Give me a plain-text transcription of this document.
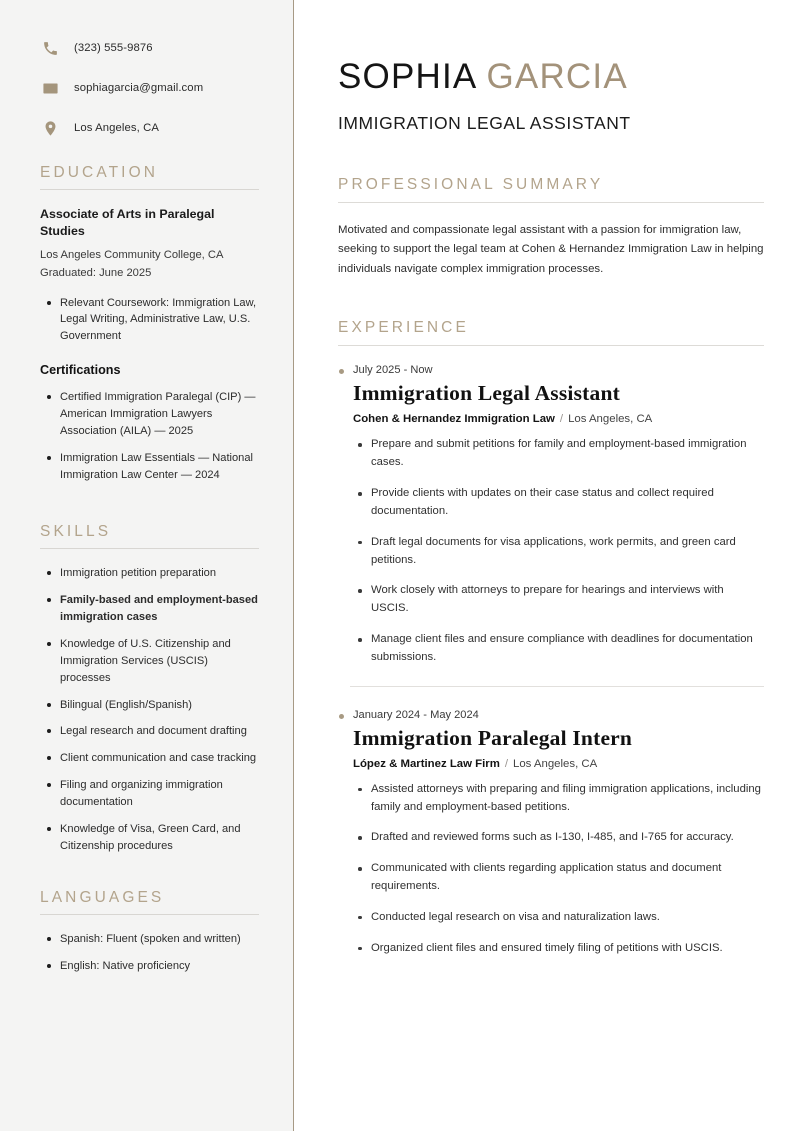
(323) 555-9876
sophiagarcia@gmail.com
Los Angeles, CA
EDUCATION
Associate of Arts in Paralegal Studies
Los Angeles Community College, CA
Graduated: June 2025
Relevant Coursework: Immigration Law, Legal Writing, Administrative Law, U.S. Government
Certifications
Certified Immigration Paralegal (CIP) — American Immigration Lawyers Association (AILA) — 2025
Immigration Law Essentials — National Immigration Law Center — 2024
SKILLS
Immigration petition preparation
Family-based and employment-based immigration cases
Knowledge of U.S. Citizenship and Immigration Services (USCIS) processes
Bilingual (English/Spanish)
Legal research and document drafting
Client communication and case tracking
Filing and organizing immigration documentation
Knowledge of Visa, Green Card, and Citizenship procedures
LANGUAGES
Spanish: Fluent (spoken and written)
English: Native proficiency
SOPHIA GARCIA
IMMIGRATION LEGAL ASSISTANT
PROFESSIONAL SUMMARY

Motivated and compassionate legal assistant with a passion for immigration law, seeking to support the legal team at Cohen & Hernandez Immigration Law in helping individuals navigate complex immigration processes.

EXPERIENCE
July 2025 - Now
Immigration Legal Assistant
Cohen & Hernandez Immigration Law / Los Angeles, CA
Prepare and submit petitions for family and employment-based immigration cases.
Provide clients with updates on their case status and collect required documentation.
Draft legal documents for visa applications, work permits, and green card petitions.
Work closely with attorneys to prepare for hearings and interviews with USCIS.
Manage client files and ensure compliance with deadlines for documentation submissions.
January 2024 - May 2024
Immigration Paralegal Intern
López & Martinez Law Firm / Los Angeles, CA
Assisted attorneys with preparing and filing immigration applications, including family and employment-based petitions.
Drafted and reviewed forms such as I-130, I-485, and I-765 for accuracy.
Communicated with clients regarding application status and document requirements.
Conducted legal research on visa and naturalization laws.
Organized client files and ensured timely filing of petitions with USCIS.
